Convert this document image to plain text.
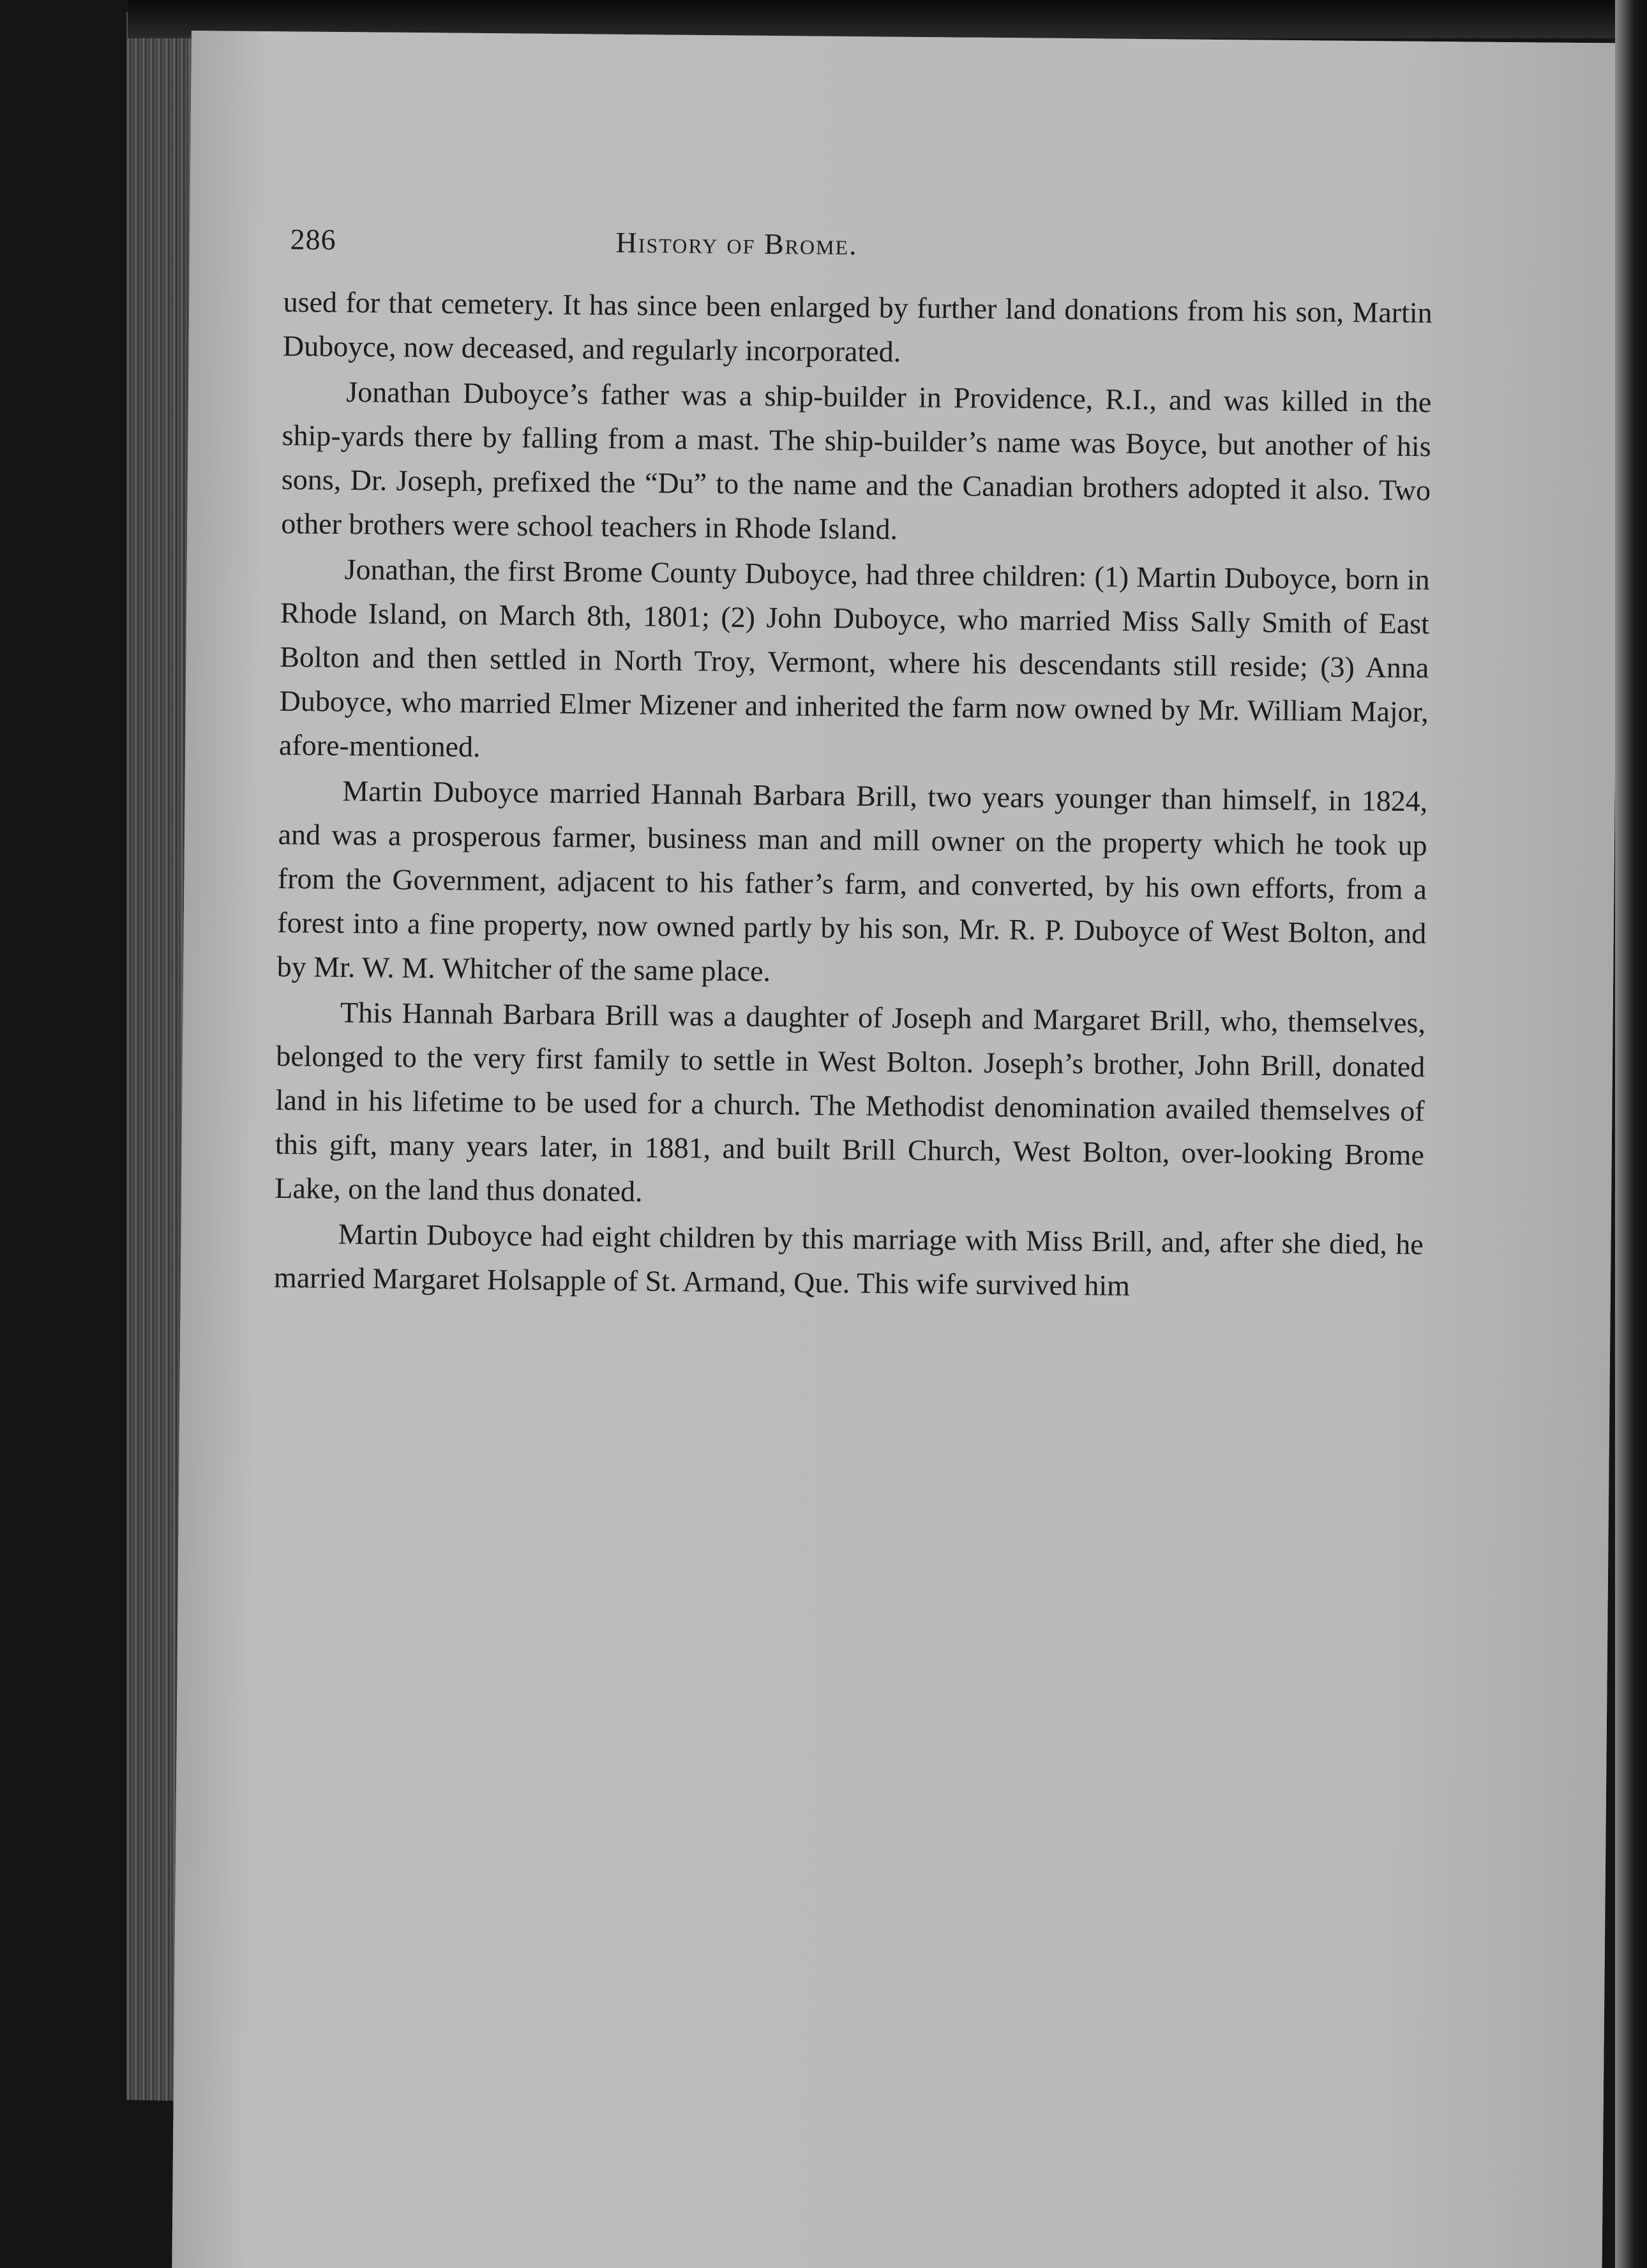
286	History of Brome.

used for that cemetery. It has since been enlarged by further land donations from his son, Martin Duboyce, now deceased, and regularly incorporated.

Jonathan Duboyce’s father was a ship-builder in Providence, R.I., and was killed in the ship-yards there by falling from a mast. The ship-builder’s name was Boyce, but another of his sons, Dr. Joseph, prefixed the “Du” to the name and the Canadian brothers adopted it also. Two other brothers were school teachers in Rhode Island.

Jonathan, the first Brome County Duboyce, had three children: (1) Martin Duboyce, born in Rhode Island, on March 8th, 1801; (2) John Duboyce, who married Miss Sally Smith of East Bolton and then settled in North Troy, Vermont, where his descendants still reside; (3) Anna Duboyce, who married Elmer Mizener and inherited the farm now owned by Mr. William Major, afore-mentioned.

Martin Duboyce married Hannah Barbara Brill, two years younger than himself, in 1824, and was a prosperous farmer, business man and mill owner on the property which he took up from the Government, adjacent to his father’s farm, and converted, by his own efforts, from a forest into a fine property, now owned partly by his son, Mr. R. P. Duboyce of West Bolton, and by Mr. W. M. Whitcher of the same place.

This Hannah Barbara Brill was a daughter of Joseph and Margaret Brill, who, themselves, belonged to the very first family to settle in West Bolton. Joseph’s brother, John Brill, donated land in his lifetime to be used for a church. The Methodist denomination availed themselves of this gift, many years later, in 1881, and built Brill Church, West Bolton, over-looking Brome Lake, on the land thus donated.

Martin Duboyce had eight children by this marriage with Miss Brill, and, after she died, he married Margaret Holsapple of St. Armand, Que. This wife survived him
